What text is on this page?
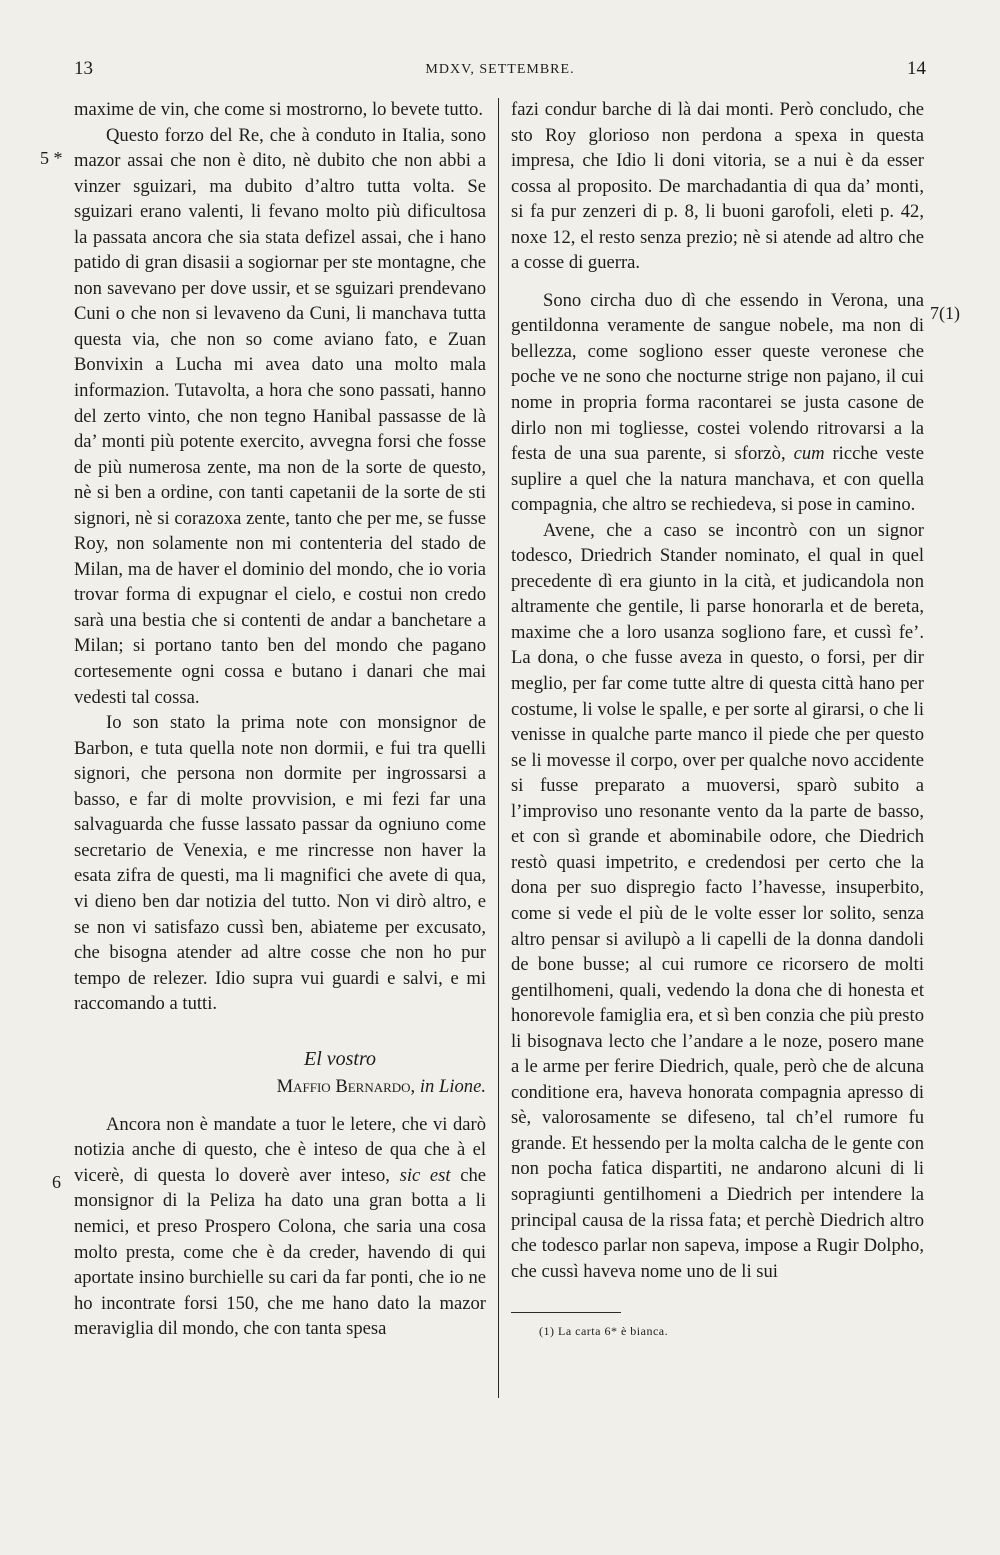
13	MDXV, SETTEMBRE.	14
5 *
6
7(1)

maxime de vin, che come si mostrorno, lo bevete tutto.

Questo forzo del Re, che à conduto in Italia, sono mazor assai che non è dito, nè dubito che non abbi a vinzer sguizari, ma dubito d’altro tutta volta. Se sguizari erano valenti, li fevano molto più dificultosa la passata ancora che sia stata defizel assai, che i hano patido di gran disasii a sogiornar per ste montagne, che non savevano per dove ussir, et se sguizari prendevano Cuni o che non si levaveno da Cuni, li manchava tutta questa via, che non so come aviano fato, e Zuan Bonvixin a Lucha mi avea dato una molto mala informazion. Tutavolta, a hora che sono passati, hanno del zerto vinto, che non tegno Hanibal passasse de là da’ monti più potente exercito, avvegna forsi che fosse de più numerosa zente, ma non de la sorte de questo, nè si ben a ordine, con tanti capetanii de la sorte de sti signori, nè si corazoxa zente, tanto che per me, se fusse Roy, non solamente non mi contenteria del stado de Milan, ma de haver el dominio del mondo, che io voria trovar forma di expugnar el cielo, e costui non credo sarà una bestia che si contenti de andar a banchetare a Milan; si portano tanto ben del mondo che pagano cortesemente ogni cossa e butano i danari che mai vedesti tal cossa.

Io son stato la prima note con monsignor de Barbon, e tuta quella note non dormii, e fui tra quelli signori, che persona non dormite per ingrossarsi a basso, e far di molte provvision, e mi fezi far una salvaguarda che fusse lassato passar da ogniuno come secretario de Venexia, e me rincresse non haver la esata zifra de questi, ma li magnifici che avete di qua, vi dieno ben dar notizia del tutto. Non vi dirò altro, e se non vi satisfazo cussì ben, abiateme per excusato, che bisogna atender ad altre cosse che non ho pur tempo de relezer. Idio supra vui guardi e salvi, e mi raccomando a tutti.

El vostro
Maffio Bernardo, in Lione.

Ancora non è mandate a tuor le letere, che vi darò notizia anche di questo, che è inteso de qua che à el vicerè, di questa lo doverè aver inteso, sic est che monsignor di la Peliza ha dato una gran botta a li nemici, et preso Prospero Colona, che saria una cosa molto presta, come che è da creder, havendo di qui aportate insino burchielle su cari da far ponti, che io ne ho incontrate forsi 150, che me hano dato la mazor meraviglia dil mondo, che con tanta spesa

fazi condur barche di là dai monti. Però concludo, che sto Roy glorioso non perdona a spexa in questa impresa, che Idio li doni vitoria, se a nui è da esser cossa al proposito. De marchadantia di qua da’ monti, si fa pur zenzeri di p. 8, li buoni garofoli, eleti p. 42, noxe 12, el resto senza prezio; nè si atende ad altro che a cosse di guerra.

Sono circha duo dì che essendo in Verona, una gentildonna veramente de sangue nobele, ma non di bellezza, come sogliono esser queste veronese che poche ve ne sono che nocturne strige non pajano, il cui nome in propria forma racontarei se justa casone de dirlo non mi togliesse, costei volendo ritrovarsi a la festa de una sua parente, si sforzò, cum ricche veste suplire a quel che la natura manchava, et con quella compagnia, che altro se rechiedeva, si pose in camino.

Avene, che a caso se incontrò con un signor todesco, Driedrich Stander nominato, el qual in quel precedente dì era giunto in la cità, et judicandola non altramente che gentile, li parse honorarla et de bereta, maxime che a loro usanza sogliono fare, et cussì fe’. La dona, o che fusse aveza in questo, o forsi, per dir meglio, per far come tutte altre di questa città hano per costume, li volse le spalle, e per sorte al girarsi, o che li venisse in qualche parte manco il piede che per questo se li movesse il corpo, over per qualche novo accidente si fusse preparato a muoversi, sparò subito a l’improviso uno resonante vento da la parte de basso, et con sì grande et abominabile odore, che Diedrich restò quasi impetrito, e credendosi per certo che la dona per suo dispregio facto l’havesse, insuperbito, come si vede el più de le volte esser lor solito, senza altro pensar si avilupò a li capelli de la donna dandoli de bone busse; al cui rumore ce ricorsero de molti gentilhomeni, quali, vedendo la dona che di honesta et honorevole famiglia era, et sì ben conzia che più presto li bisognava lecto che l’andare a le noze, posero mane a le arme per ferire Diedrich, quale, però che de alcuna conditione era, haveva honorata compagnia apresso di sè, valorosamente se difeseno, tal ch’el rumore fu grande. Et hessendo per la molta calcha de le gente con non pocha fatica dispartiti, ne andarono alcuni di li sopragiunti gentilhomeni a Diedrich per intendere la principal causa de la rissa fata; et perchè Diedrich altro che todesco parlar non sapeva, impose a Rugir Dolpho, che cussì haveva nome uno de li sui

(1) La carta 6* è bianca.
